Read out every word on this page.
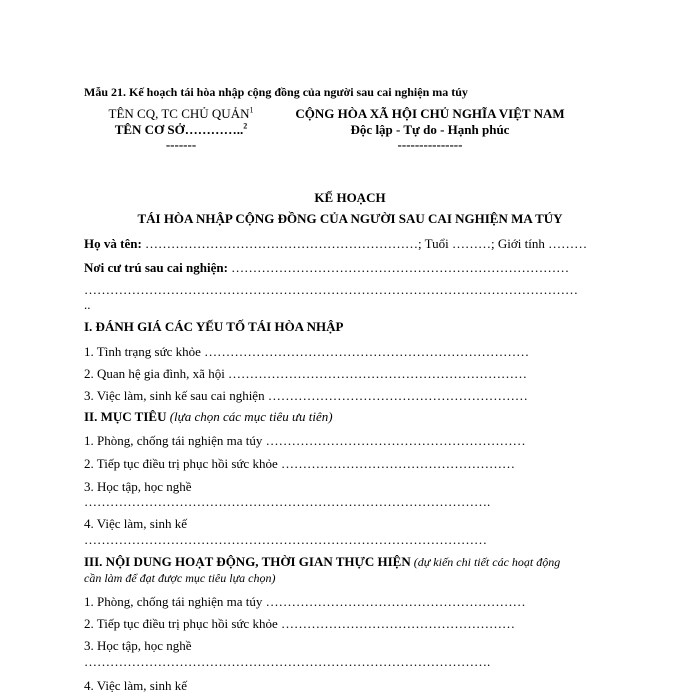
Mẫu 21. Kế hoạch tái hòa nhập cộng đồng của người sau cai nghiện ma túy
TÊN CQ, TC CHỦ QUẢN$^1$
TÊN CƠ SỞ…………..$^2$
-------
CỘNG HÒA XÃ HỘI CHỦ NGHĨA VIỆT NAM
Độc lập - Tự do - Hạnh phúc
---------------
KẾ HOẠCH
TÁI HÒA NHẬP CỘNG ĐỒNG CỦA NGƯỜI SAU CAI NGHIỆN MA TÚY
Họ và tên: ………………………………………………………; Tuổi ………; Giới tính ………
Nơi cư trú sau cai nghiện: ……………………………………………………………………
……………………………………………………………………………………………………
..
I. ĐÁNH GIÁ CÁC YẾU TỐ TÁI HÒA NHẬP
1. Tình trạng sức khỏe …………………………………………………………………
2. Quan hệ gia đình, xã hội ……………………………………………………………
3. Việc làm, sinh kế sau cai nghiện ……………………………………………………
II. MỤC TIÊU (lựa chọn các mục tiêu ưu tiên)
1. Phòng, chống tái nghiện ma túy ……………………………………………………
2. Tiếp tục điều trị phục hồi sức khỏe ………………………………………………
3. Học tập, học nghề
………………………………………………………………………………….
4. Việc làm, sinh kế
…………………………………………………………………………………
III. NỘI DUNG HOẠT ĐỘNG, THỜI GIAN THỰC HIỆN (dự kiến chi tiết các hoạt động
cần làm để đạt được mục tiêu lựa chọn)
1. Phòng, chống tái nghiện ma túy ……………………………………………………
2. Tiếp tục điều trị phục hồi sức khỏe ………………………………………………
3. Học tập, học nghề
………………………………………………………………………………….
4. Việc làm, sinh kế
